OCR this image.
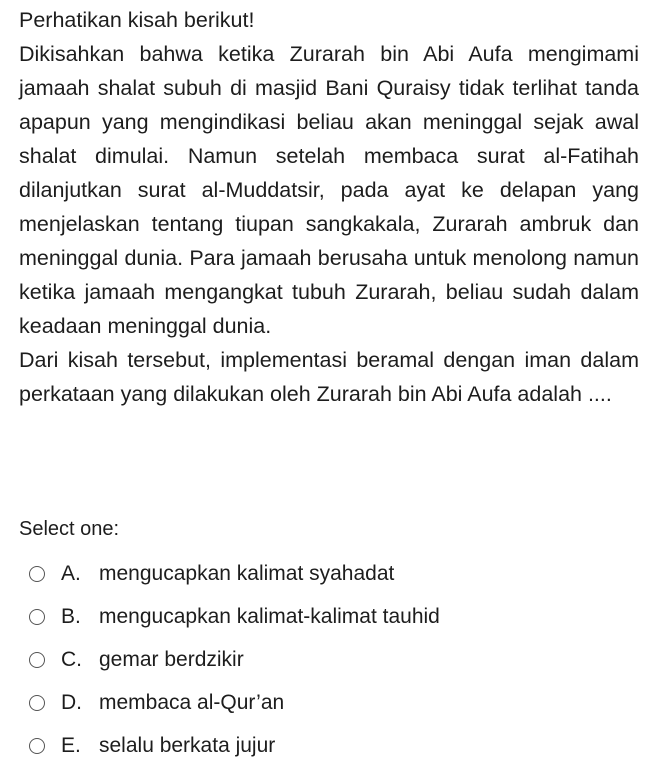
Perhatikan kisah berikut!

Dikisahkan bahwa ketika Zurarah bin Abi Aufa mengimami jamaah shalat subuh di masjid Bani Quraisy tidak terlihat tanda apapun yang mengindikasi beliau akan meninggal sejak awal shalat dimulai. Namun setelah membaca surat al-Fatihah dilanjutkan surat al-Muddatsir, pada ayat ke delapan yang menjelaskan tentang tiupan sangkakala, Zurarah ambruk dan meninggal dunia. Para jamaah berusaha untuk menolong namun ketika jamaah mengangkat tubuh Zurarah, beliau sudah dalam keadaan meninggal dunia.

Dari kisah tersebut, implementasi beramal dengan iman dalam perkataan yang dilakukan oleh Zurarah bin Abi Aufa adalah ....

Select one:
A. mengucapkan kalimat syahadat
B. mengucapkan kalimat-kalimat tauhid
C. gemar berdzikir
D. membaca al-Qur’an
E. selalu berkata jujur
